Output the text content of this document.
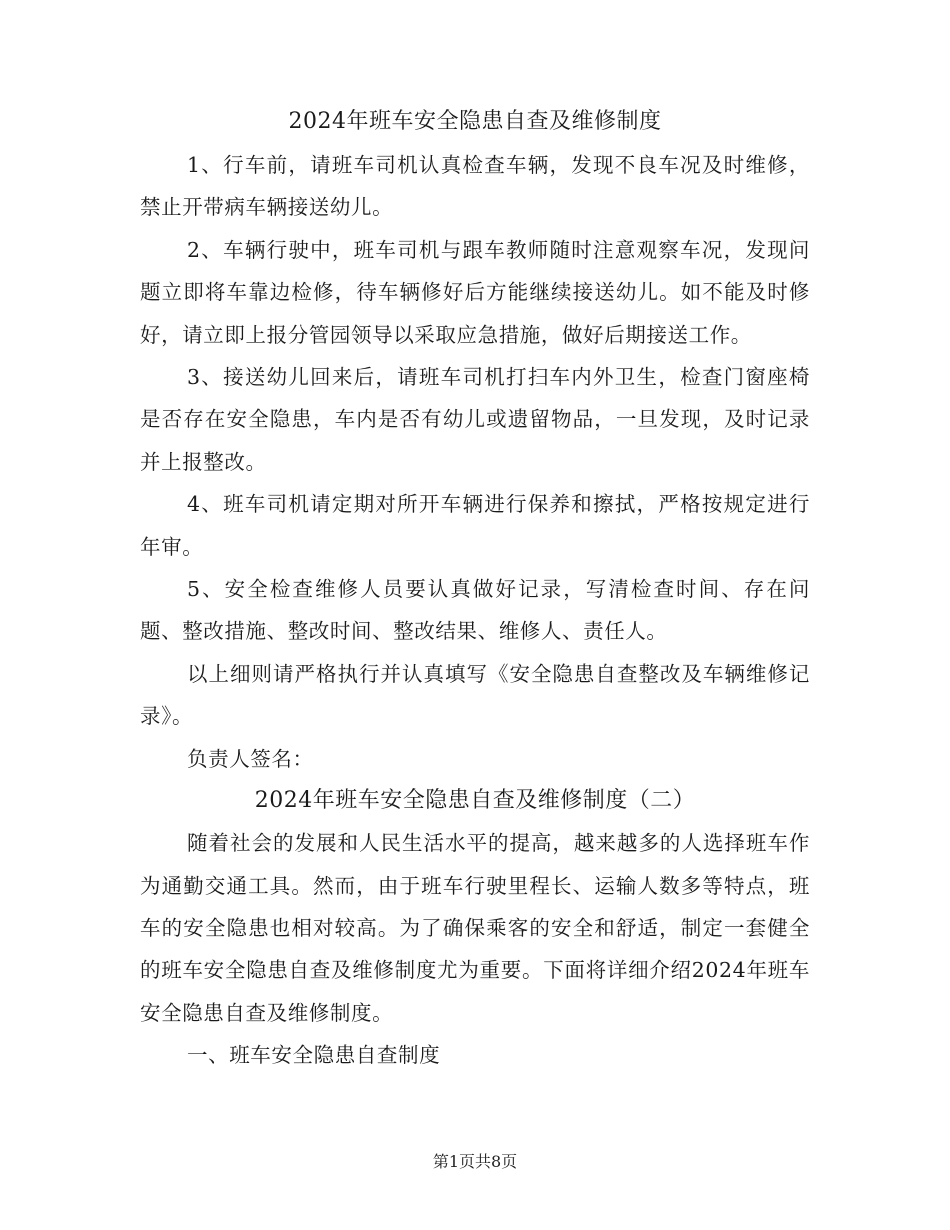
2024年班车安全隐患自查及维修制度

1、行车前，请班车司机认真检查车辆，发现不良车况及时维修，禁止开带病车辆接送幼儿。

2、车辆行驶中，班车司机与跟车教师随时注意观察车况，发现问题立即将车靠边检修，待车辆修好后方能继续接送幼儿。如不能及时修好，请立即上报分管园领导以采取应急措施，做好后期接送工作。

3、接送幼儿回来后，请班车司机打扫车内外卫生，检查门窗座椅是否存在安全隐患，车内是否有幼儿或遗留物品，一旦发现，及时记录并上报整改。

4、班车司机请定期对所开车辆进行保养和擦拭，严格按规定进行年审。

5、安全检查维修人员要认真做好记录，写清检查时间、存在问题、整改措施、整改时间、整改结果、维修人、责任人。

以上细则请严格执行并认真填写《安全隐患自查整改及车辆维修记录》。

负责人签名：

2024年班车安全隐患自查及维修制度（二）

随着社会的发展和人民生活水平的提高，越来越多的人选择班车作为通勤交通工具。然而，由于班车行驶里程长、运输人数多等特点，班车的安全隐患也相对较高。为了确保乘客的安全和舒适，制定一套健全的班车安全隐患自查及维修制度尤为重要。下面将详细介绍2024年班车安全隐患自查及维修制度。

一、班车安全隐患自查制度

第1页共8页
